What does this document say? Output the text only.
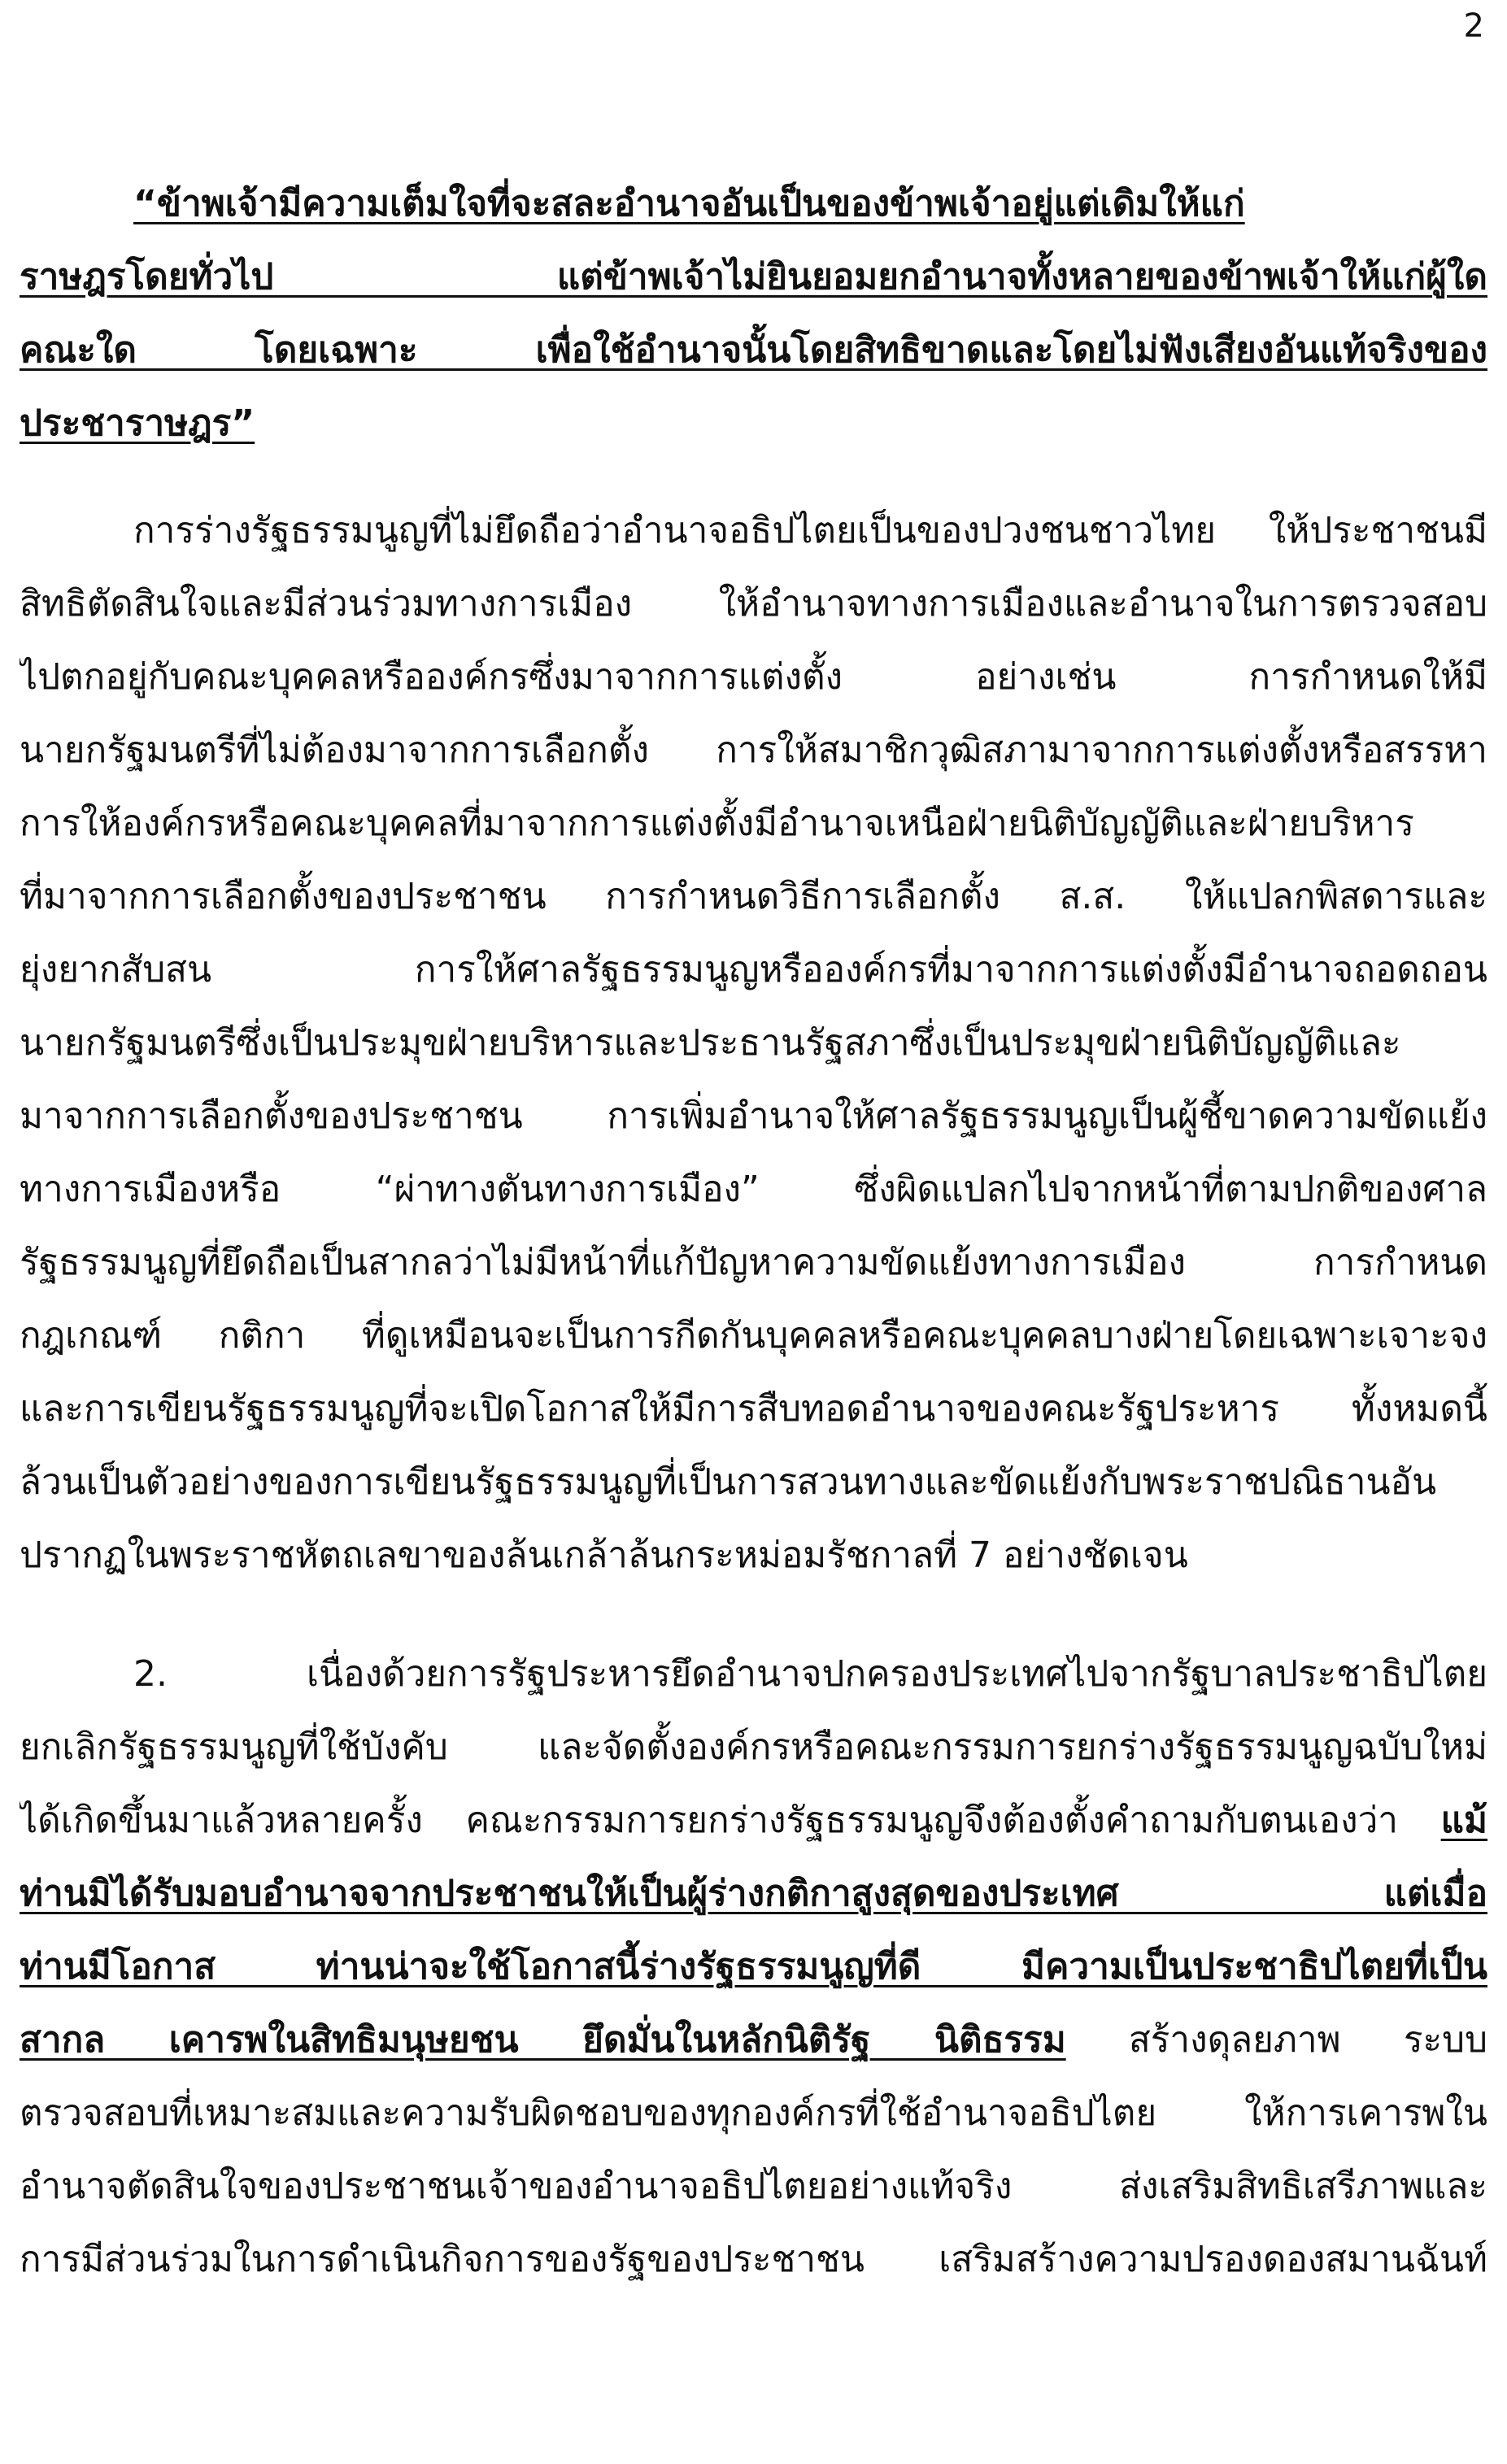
2
“ข้าพเจ้ามีความเต็มใจที่จะสละอำนาจอันเป็นของข้าพเจ้าอยู่แต่เดิมให้แก่
ราษฎรโดยทั่วไป แต่ข้าพเจ้าไม่ยินยอมยกอำนาจทั้งหลายของข้าพเจ้าให้แก่ผู้ใด
คณะใด โดยเฉพาะ เพื่อใช้อำนาจนั้นโดยสิทธิขาดและโดยไม่ฟังเสียงอันแท้จริงของ
ประชาราษฎร”
การร่างรัฐธรรมนูญที่ไม่ยึดถือว่าอำนาจอธิปไตยเป็นของปวงชนชาวไทย ให้ประชาชนมี
สิทธิตัดสินใจและมีส่วนร่วมทางการเมือง ให้อำนาจทางการเมืองและอำนาจในการตรวจสอบ
ไปตกอยู่กับคณะบุคคลหรือองค์กรซึ่งมาจากการแต่งตั้ง อย่างเช่น การกำหนดให้มี
นายกรัฐมนตรีที่ไม่ต้องมาจากการเลือกตั้ง การให้สมาชิกวุฒิสภามาจากการแต่งตั้งหรือสรรหา
การให้องค์กรหรือคณะบุคคลที่มาจากการแต่งตั้งมีอำนาจเหนือฝ่ายนิติบัญญัติและฝ่ายบริหาร
ที่มาจากการเลือกตั้งของประชาชน การกำหนดวิธีการเลือกตั้ง ส.ส. ให้แปลกพิสดารและ
ยุ่งยากสับสน การให้ศาลรัฐธรรมนูญหรือองค์กรที่มาจากการแต่งตั้งมีอำนาจถอดถอน
นายกรัฐมนตรีซึ่งเป็นประมุขฝ่ายบริหารและประธานรัฐสภาซึ่งเป็นประมุขฝ่ายนิติบัญญัติและ
มาจากการเลือกตั้งของประชาชน การเพิ่มอำนาจให้ศาลรัฐธรรมนูญเป็นผู้ชี้ขาดความขัดแย้ง
ทางการเมืองหรือ “ผ่าทางตันทางการเมือง” ซึ่งผิดแปลกไปจากหน้าที่ตามปกติของศาล
รัฐธรรมนูญที่ยึดถือเป็นสากลว่าไม่มีหน้าที่แก้ปัญหาความขัดแย้งทางการเมือง การกำหนด
กฎเกณฑ์ กติกา ที่ดูเหมือนจะเป็นการกีดกันบุคคลหรือคณะบุคคลบางฝ่ายโดยเฉพาะเจาะจง
และการเขียนรัฐธรรมนูญที่จะเปิดโอกาสให้มีการสืบทอดอำนาจของคณะรัฐประหาร ทั้งหมดนี้
ล้วนเป็นตัวอย่างของการเขียนรัฐธรรมนูญที่เป็นการสวนทางและขัดแย้งกับพระราชปณิธานอัน
ปรากฏในพระราชหัตถเลขาของล้นเกล้าล้นกระหม่อมรัชกาลที่ 7 อย่างชัดเจน
2. เนื่องด้วยการรัฐประหารยึดอำนาจปกครองประเทศไปจากรัฐบาลประชาธิปไตย
ยกเลิกรัฐธรรมนูญที่ใช้บังคับ และจัดตั้งองค์กรหรือคณะกรรมการยกร่างรัฐธรรมนูญฉบับใหม่
ได้เกิดขึ้นมาแล้วหลายครั้ง คณะกรรมการยกร่างรัฐธรรมนูญจึงต้องตั้งคำถามกับตนเองว่า แม้
ท่านมิได้รับมอบอำนาจจากประชาชนให้เป็นผู้ร่างกติกาสูงสุดของประเทศ แต่เมื่อ
ท่านมีโอกาส ท่านน่าจะใช้โอกาสนี้ร่างรัฐธรรมนูญที่ดี มีความเป็นประชาธิปไตยที่เป็น
สากล เคารพในสิทธิมนุษยชน ยึดมั่นในหลักนิติรัฐ นิติธรรม สร้างดุลยภาพ ระบบ
ตรวจสอบที่เหมาะสมและความรับผิดชอบของทุกองค์กรที่ใช้อำนาจอธิปไตย ให้การเคารพใน
อำนาจตัดสินใจของประชาชนเจ้าของอำนาจอธิปไตยอย่างแท้จริง ส่งเสริมสิทธิเสรีภาพและ
การมีส่วนร่วมในการดำเนินกิจการของรัฐของประชาชน เสริมสร้างความปรองดองสมานฉันท์
